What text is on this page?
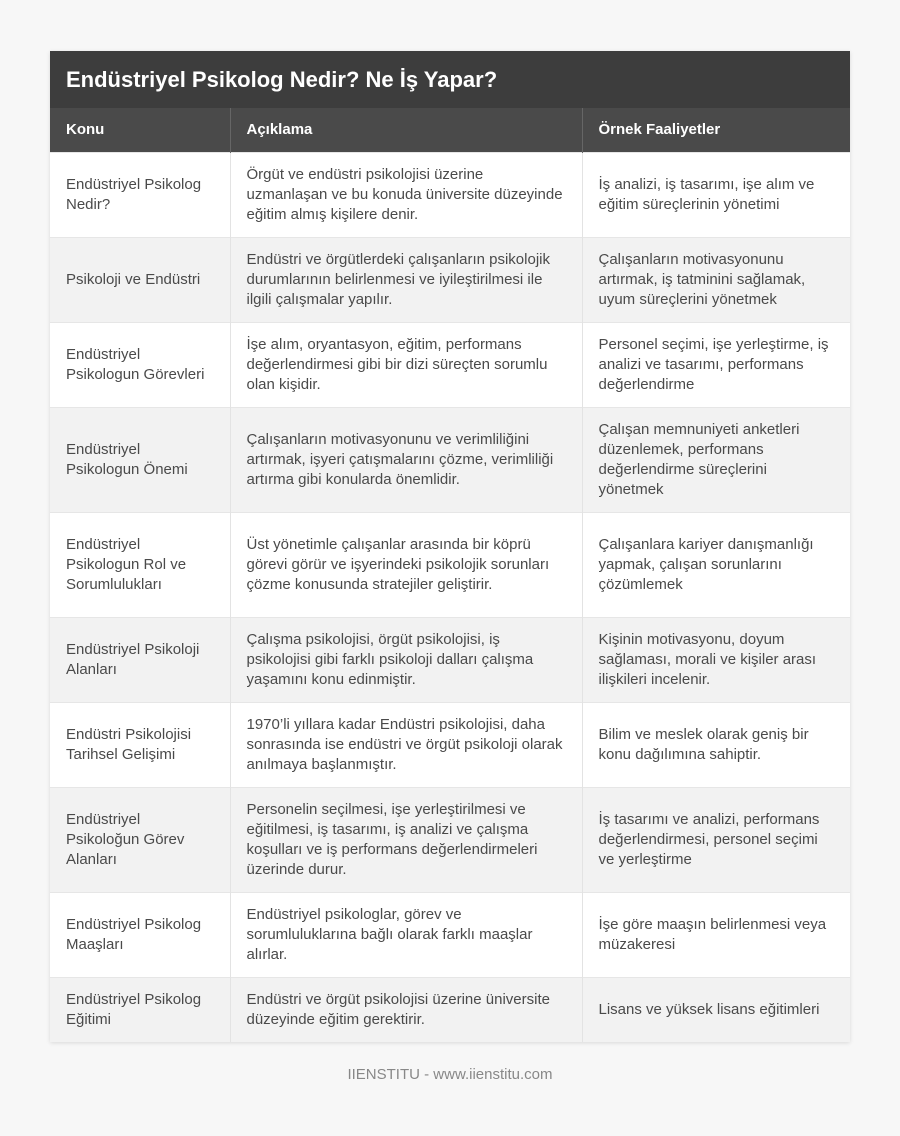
Endüstriyel Psikolog Nedir? Ne İş Yapar?
Konu	Açıklama	Örnek Faaliyetler
Endüstriyel Psikolog Nedir?	Örgüt ve endüstri psikolojisi üzerine uzmanlaşan ve bu konuda üniversite düzeyinde eğitim almış kişilere denir.	İş analizi, iş tasarımı, işe alım ve eğitim süreçlerinin yönetimi
Psikoloji ve Endüstri	Endüstri ve örgütlerdeki çalışanların psikolojik durumlarının belirlenmesi ve iyileştirilmesi ile ilgili çalışmalar yapılır.	Çalışanların motivasyonunu artırmak, iş tatminini sağlamak, uyum süreçlerini yönetmek
Endüstriyel Psikologun Görevleri	İşe alım, oryantasyon, eğitim, performans değerlendirmesi gibi bir dizi süreçten sorumlu olan kişidir.	Personel seçimi, işe yerleştirme, iş analizi ve tasarımı, performans değerlendirme
Endüstriyel Psikologun Önemi	Çalışanların motivasyonunu ve verimliliğini artırmak, işyeri çatışmalarını çözme, verimliliği artırma gibi konularda önemlidir.	Çalışan memnuniyeti anketleri düzenlemek, performans değerlendirme süreçlerini yönetmek
Endüstriyel Psikologun Rol ve Sorumlulukları	Üst yönetimle çalışanlar arasında bir köprü görevi görür ve işyerindeki psikolojik sorunları çözme konusunda stratejiler geliştirir.	Çalışanlara kariyer danışmanlığı yapmak, çalışan sorunlarını çözümlemek
Endüstriyel Psikoloji Alanları	Çalışma psikolojisi, örgüt psikolojisi, iş psikolojisi gibi farklı psikoloji dalları çalışma yaşamını konu edinmiştir.	Kişinin motivasyonu, doyum sağlaması, morali ve kişiler arası ilişkileri incelenir.
Endüstri Psikolojisi Tarihsel Gelişimi	1970’li yıllara kadar Endüstri psikolojisi, daha sonrasında ise endüstri ve örgüt psikoloji olarak anılmaya başlanmıştır.	Bilim ve meslek olarak geniş bir konu dağılımına sahiptir.
Endüstriyel Psikoloğun Görev Alanları	Personelin seçilmesi, işe yerleştirilmesi ve eğitilmesi, iş tasarımı, iş analizi ve çalışma koşulları ve iş performans değerlendirmeleri üzerinde durur.	İş tasarımı ve analizi, performans değerlendirmesi, personel seçimi ve yerleştirme
Endüstriyel Psikolog Maaşları	Endüstriyel psikologlar, görev ve sorumluluklarına bağlı olarak farklı maaşlar alırlar.	İşe göre maaşın belirlenmesi veya müzakeresi
Endüstriyel Psikolog Eğitimi	Endüstri ve örgüt psikolojisi üzerine üniversite düzeyinde eğitim gerektirir.	Lisans ve yüksek lisans eğitimleri
IIENSTITU - www.iienstitu.com
